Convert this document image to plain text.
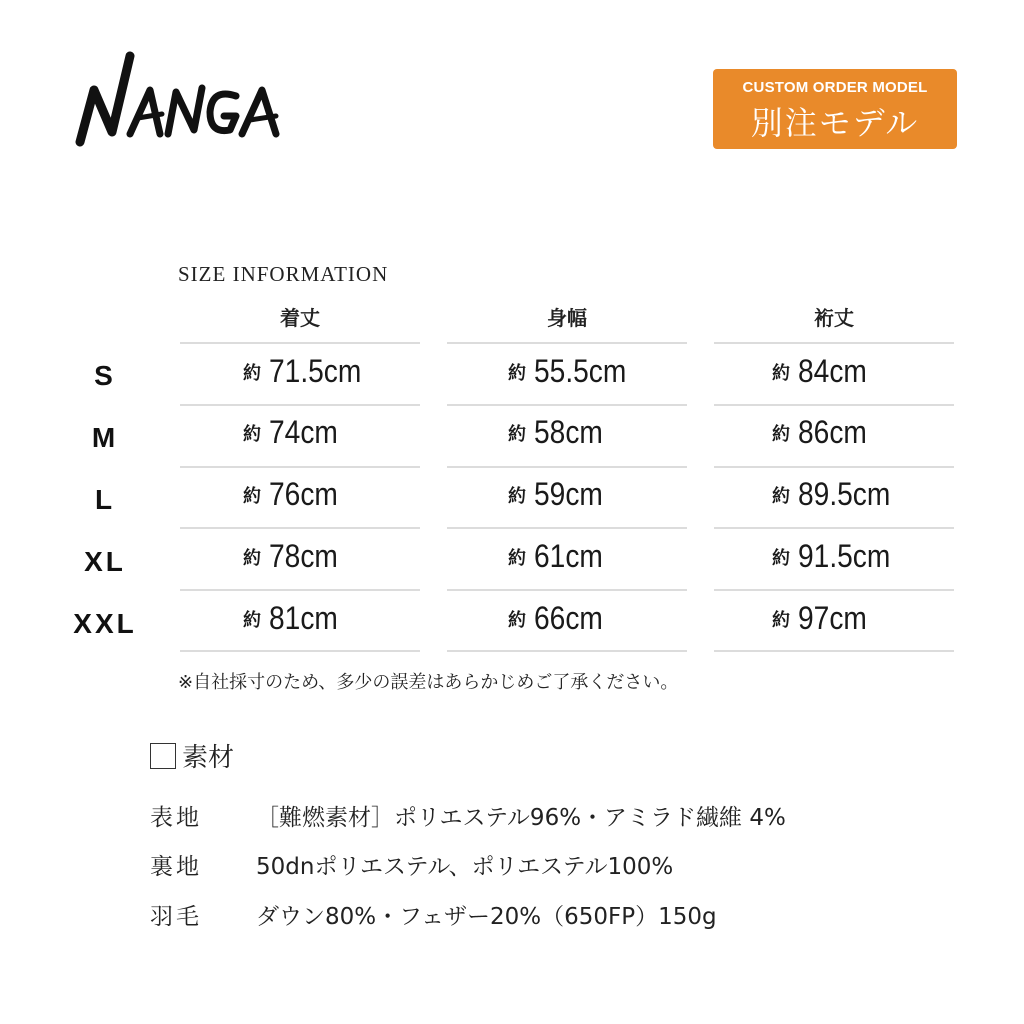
CUSTOM ORDER MODEL
別注モデル
SIZE INFORMATION
着丈	身幅	裄丈
S	約 71.5cm	約 55.5cm	約 84cm
M	約 74cm	約 58cm	約 86cm
L	約 76cm	約 59cm	約 89.5cm
XL	約 78cm	約 61cm	約 91.5cm
XXL	約 81cm	約 66cm	約 97cm
※自社採寸のため、多少の誤差はあらかじめご了承ください。
素材
表地 ［難燃素材］ポリエステル96%・アミラド繊維 4%
裏地 50dnポリエステル、ポリエステル100%
羽毛 ダウン80%・フェザー20%（650FP）150g
